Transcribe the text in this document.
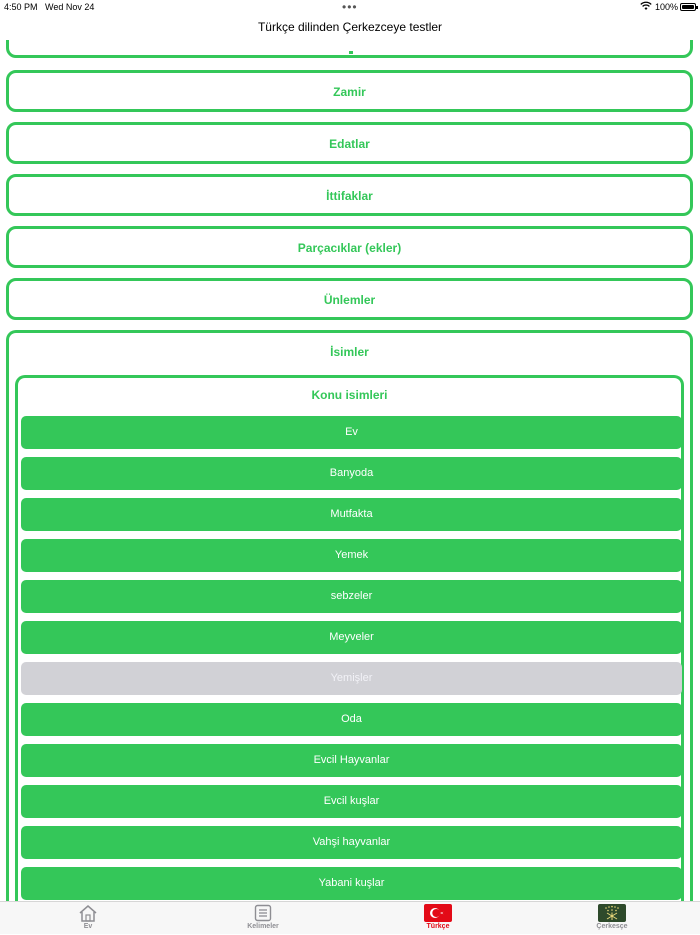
4:50 PM Wed Nov 24	•••	100%
Türkçe dilinden Çerkezceye testler
Zamir
Edatlar
İttifaklar
Parçacıklar (ekler)
Ünlemler
İsimler
Konu isimleri
Ev
Banyoda
Mutfakta
Yemek
sebzeler
Meyveler
Yemişler
Oda
Evcil Hayvanlar
Evcil kuşlar
Vahşi hayvanlar
Yabani kuşlar
Ev	Kelimeler	Türkçe	Çerkesçe
